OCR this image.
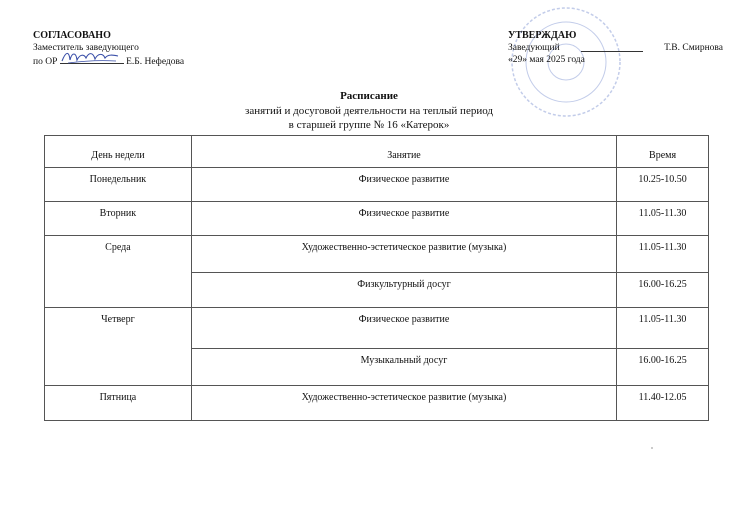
СОГЛАСОВАНО
Заместитель заведующего
по ОР	Е.Б. Нефедова
УТВЕРЖДАЮ
Заведующий	Т.В. Смирнова
«29» мая 2025 года
Расписание
занятий и досуговой деятельности на теплый период
в старшей группе № 16 «Катерок»
День недели	Занятие	Время
Понедельник	Физическое развитие	10.25-10.50
Вторник	Физическое развитие	11.05-11.30
Среда	Художественно-эстетическое развитие (музыка)	11.05-11.30
	Физкультурный досуг	16.00-16.25
Четверг	Физическое развитие	11.05-11.30
	Музыкальный досуг	16.00-16.25
Пятница	Художественно-эстетическое развитие (музыка)	11.40-12.05
